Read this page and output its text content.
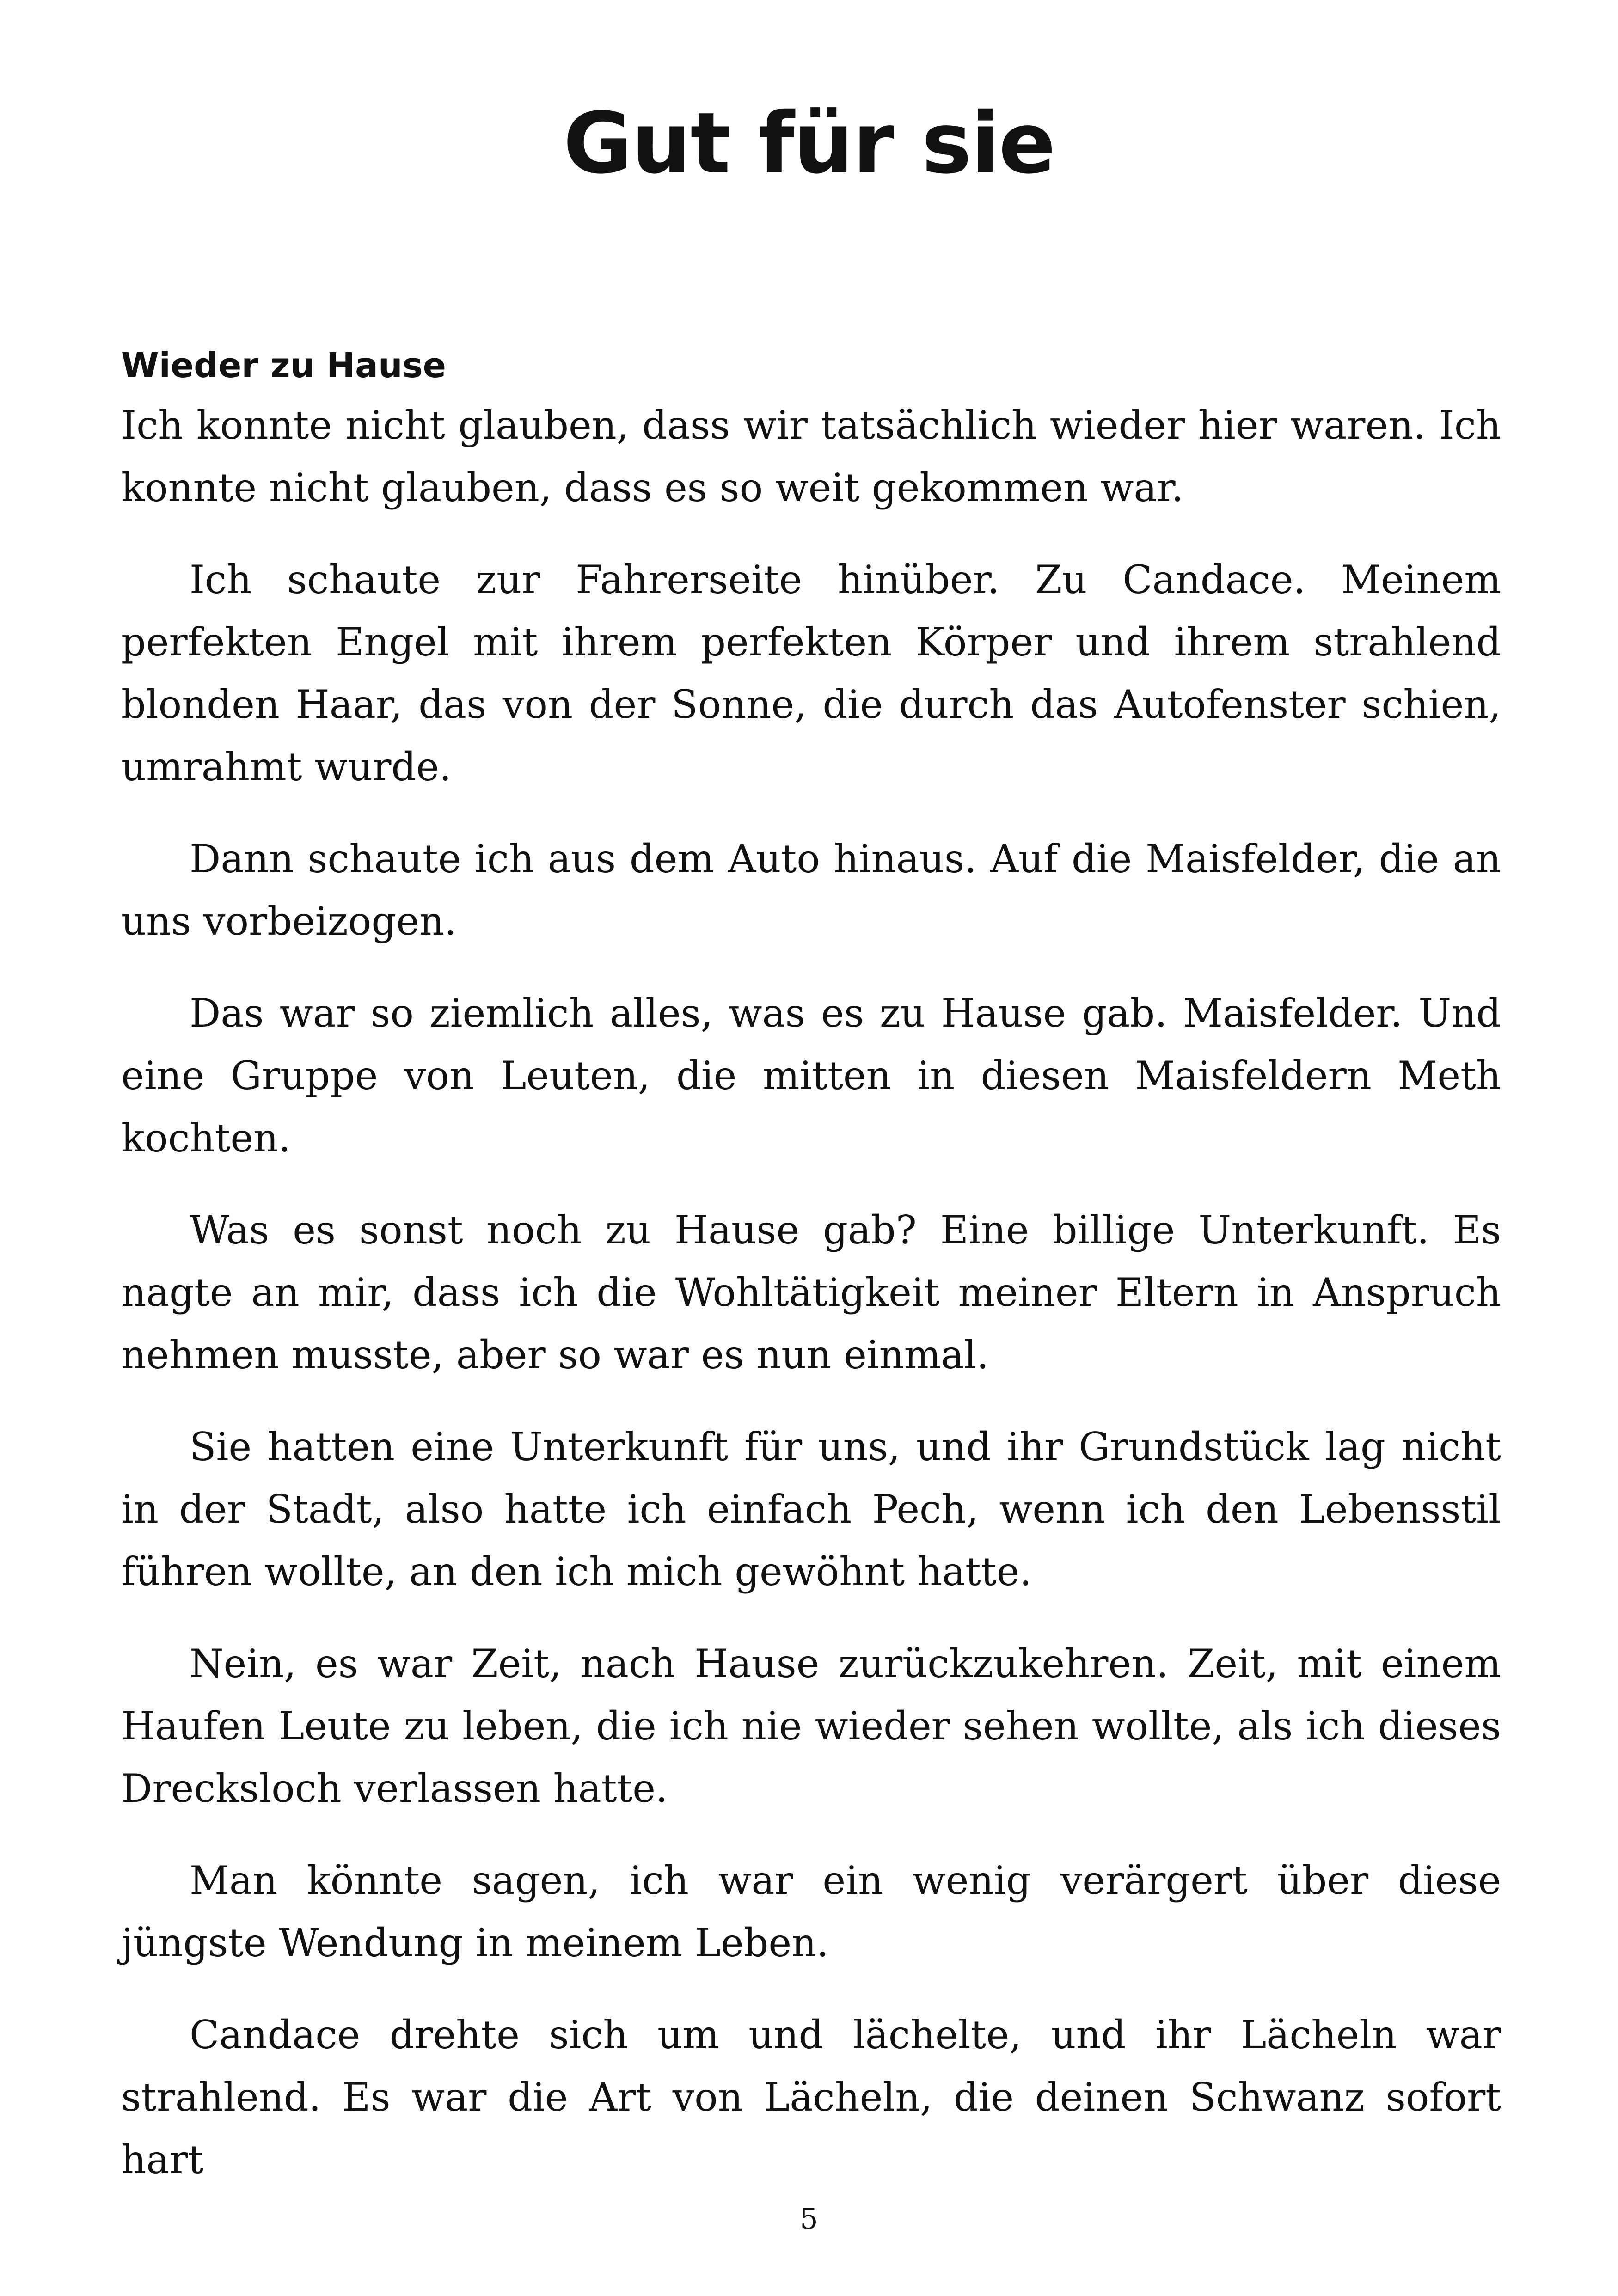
Gut für sie
Wieder zu Hause

Ich konnte nicht glauben, dass wir tatsächlich wieder hier waren. Ich konnte nicht glauben, dass es so weit gekommen war.

Ich schaute zur Fahrerseite hinüber. Zu Candace. Meinem perfekten Engel mit ihrem perfekten Körper und ihrem strahlend blonden Haar, das von der Sonne, die durch das Autofenster schien, umrahmt wurde.

Dann schaute ich aus dem Auto hinaus. Auf die Maisfelder, die an uns vorbeizogen.

Das war so ziemlich alles, was es zu Hause gab. Maisfelder. Und eine Gruppe von Leuten, die mitten in diesen Maisfeldern Meth kochten.

Was es sonst noch zu Hause gab? Eine billige Unterkunft. Es nagte an mir, dass ich die Wohltätigkeit meiner Eltern in Anspruch nehmen musste, aber so war es nun einmal.

Sie hatten eine Unterkunft für uns, und ihr Grundstück lag nicht in der Stadt, also hatte ich einfach Pech, wenn ich den Lebensstil führen wollte, an den ich mich gewöhnt hatte.

Nein, es war Zeit, nach Hause zurückzukehren. Zeit, mit einem Haufen Leute zu leben, die ich nie wieder sehen wollte, als ich dieses Drecksloch verlassen hatte.

Man könnte sagen, ich war ein wenig verärgert über diese jüngste Wendung in meinem Leben.

Candace drehte sich um und lächelte, und ihr Lächeln war strahlend. Es war die Art von Lächeln, die deinen Schwanz sofort hart

5
